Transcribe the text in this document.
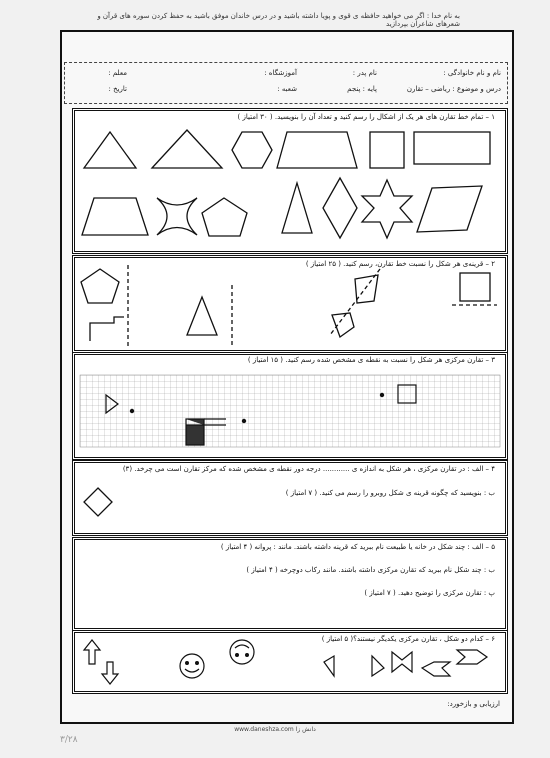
به نام خدا : اگر می خواهید حافظه ی قوی و پویا داشته باشید و در درس خاندان موفق باشید به حفظ کردن سوره های قرآن و شعرهای شاعران بپردازید
نام و نام خانوادگی :
نام پدر :
آموزشگاه :
معلم :
درس و موضوع : ریاضی – تقارن
پایه : پنجم
شعبه :
تاریخ :
۱ – تمام خط تقارن های هر یک از اشکال را رسم کنید و تعداد آن را بنویسید. ( ۳۰ امتیاز )
۲ – قرینه‌ی هر شکل را نسبت خط تقارن، رسم کنید. ( ۲۵ امتیاز )
۳ – تقارن مرکزی هر شکل را نسبت به نقطه ی مشخص شده رسم کنید. ( ۱۵ امتیاز )
۴ – الف : در تقارن مرکزی ، هر شکل به اندازه ی ............ درجه دور نقطه ی مشخص شده که مرکز تقارن است می چرخد. (۳)
ب : بنویسید که چگونه قرینه ی شکل روبرو را رسم می کنید. ( ۷ امتیاز )
۵ – الف : چند شکل در خانه یا طبیعت نام ببرید که قرینه داشته باشند. مانند : پروانه ( ۴ امتیاز )
ب : چند شکل نام ببرید که تقارن مرکزی داشته باشند. مانند رکاب دوچرخه ( ۴ امتیاز )
پ : تقارن مرکزی را توضیح دهید. ( ۷ امتیاز )
۶ – کدام دو شکل ، تقارن مرکزی یکدیگر نیستند؟( ۵ امتیاز )
ارزیابی و بازخورد:
www.daneshza.com دانش زا
۳/۲۸
